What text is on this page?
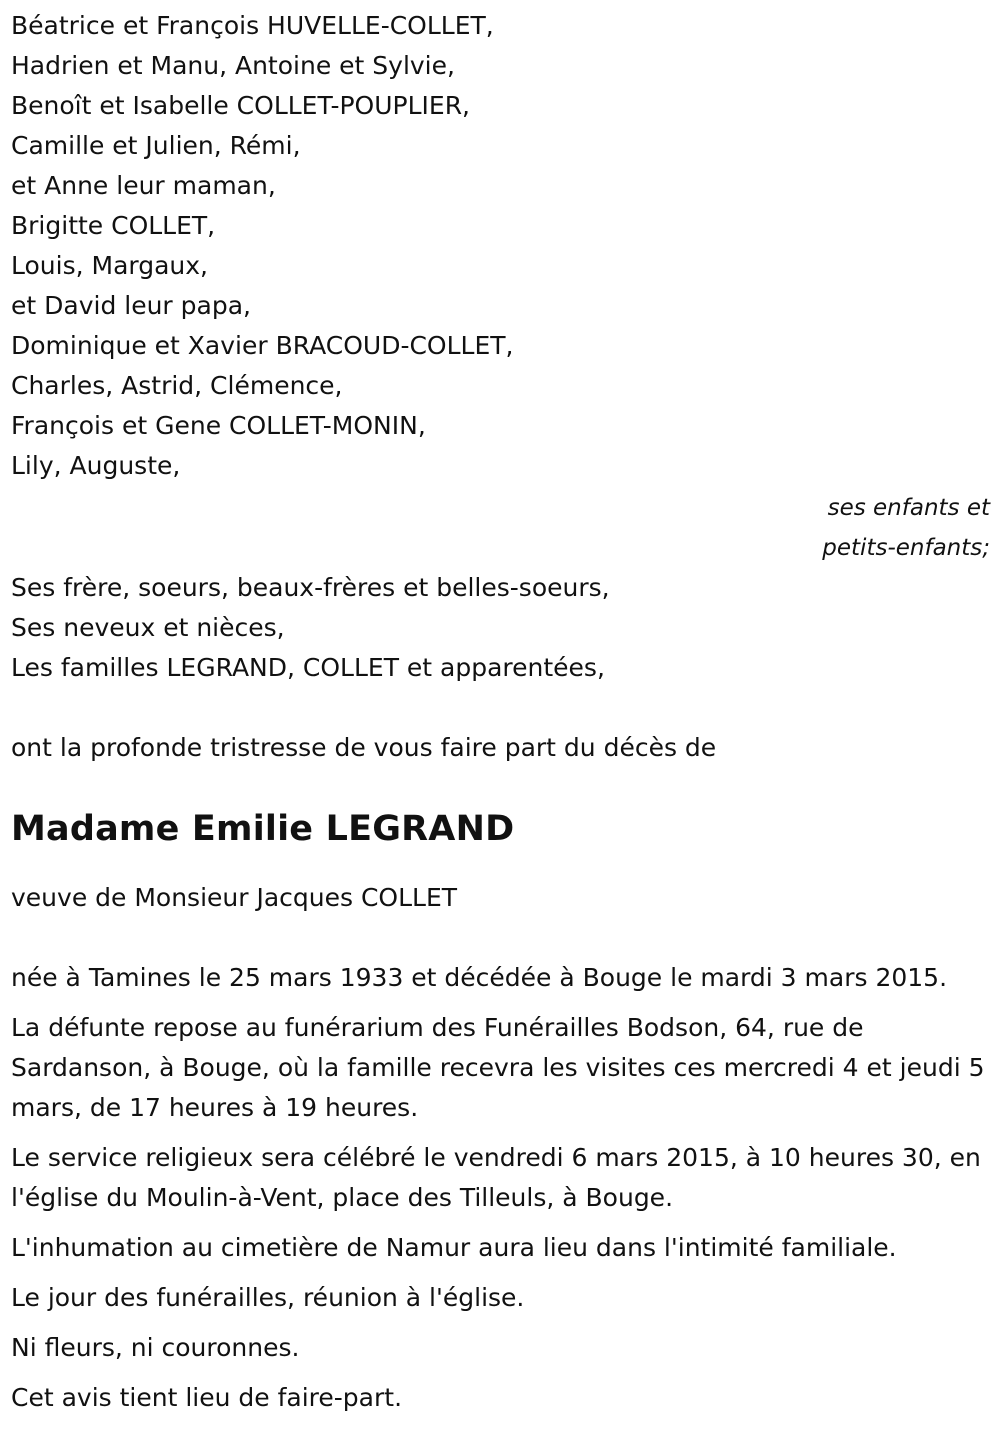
Béatrice et François HUVELLE-COLLET,
Hadrien et Manu, Antoine et Sylvie,
Benoît et Isabelle COLLET-POUPLIER,
Camille et Julien, Rémi,
et Anne leur maman,
Brigitte COLLET,
Louis, Margaux,
et David leur papa,
Dominique et Xavier BRACOUD-COLLET,
Charles, Astrid, Clémence,
François et Gene COLLET-MONIN,
Lily, Auguste,
ses enfants et
petits-enfants;
Ses frère, soeurs, beaux-frères et belles-soeurs,
Ses neveux et nièces,
Les familles LEGRAND, COLLET et apparentées,
ont la profonde tristresse de vous faire part du décès de
Madame Emilie LEGRAND
veuve de Monsieur Jacques COLLET
née à Tamines le 25 mars 1933 et décédée à Bouge le mardi 3 mars 2015.
La défunte repose au funérarium des Funérailles Bodson, 64, rue de Sardanson, à Bouge, où la famille recevra les visites ces mercredi 4 et jeudi 5 mars, de 17 heures à 19 heures.
Le service religieux sera célébré le vendredi 6 mars 2015, à 10 heures 30, en l'église du Moulin-à-Vent, place des Tilleuls, à Bouge.
L'inhumation au cimetière de Namur aura lieu dans l'intimité familiale.
Le jour des funérailles, réunion à l'église.
Ni fleurs, ni couronnes.
Cet avis tient lieu de faire-part.
